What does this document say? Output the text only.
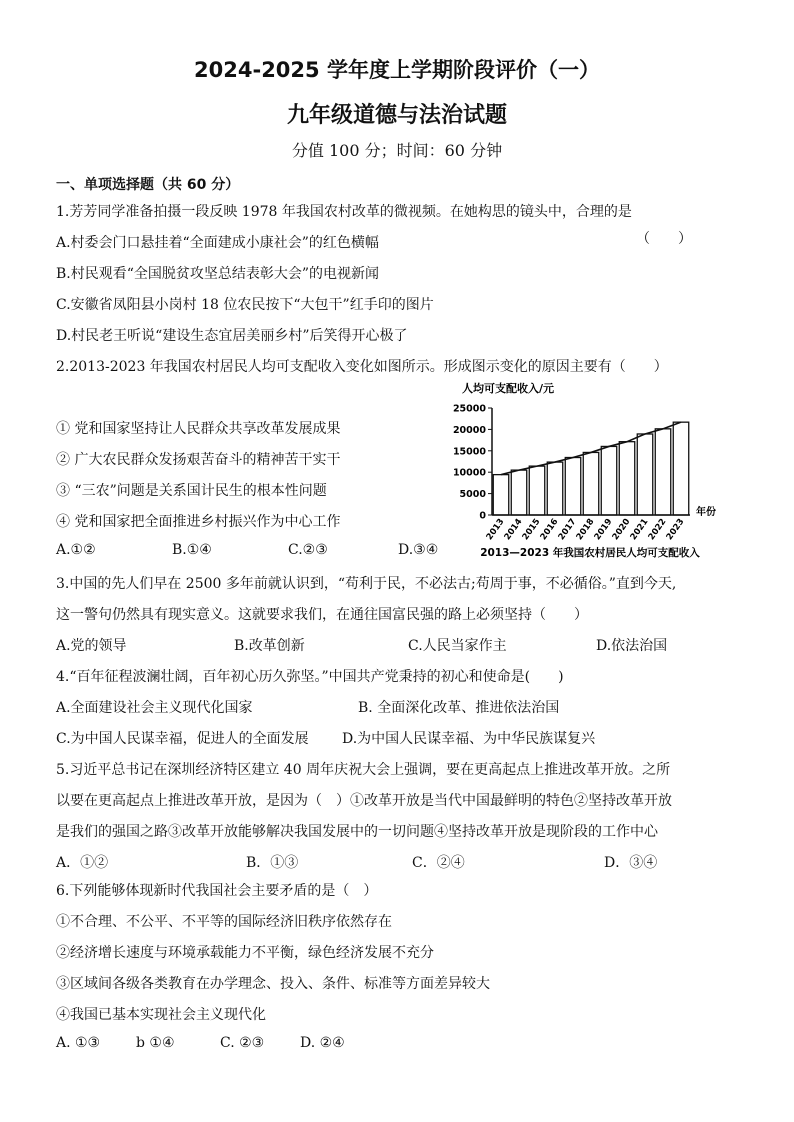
2024-2025 学年度上学期阶段评价（一）
九年级道德与法治试题
分值 100 分；时间：60 分钟
一、单项选择题（共 60 分）
1.芳芳同学准备拍摄一段反映 1978 年我国农村改革的微视频。在她构思的镜头中，合理的是
A.村委会门口悬挂着“全面建成小康社会”的红色横幅	（　　）
B.村民观看“全国脱贫攻坚总结表彰大会”的电视新闻
C.安徽省凤阳县小岗村 18 位农民按下“大包干”红手印的图片
D.村民老王听说“建设生态宜居美丽乡村”后笑得开心极了
2.2013-2023 年我国农村居民人均可支配收入变化如图所示。形成图示变化的原因主要有（　　）
① 党和国家坚持让人民群众共享改革发展成果
② 广大农民群众发扬艰苦奋斗的精神苦干实干
③ “三农”问题是关系国计民生的根本性问题
④ 党和国家把全面推进乡村振兴作为中心工作
A.①②	B.①④	C.②③	D.③④
人均可支配收入/元
0
5000
10000
15000
20000
25000
2013
2014
2015
2016
2017
2018
2019
2020
2021
2022
2023
年份
2013—2023 年我国农村居民人均可支配收入
3.中国的先人们早在 2500 多年前就认识到，“苟利于民，不必法古;苟周于事，不必循俗。”直到今天,
这一警句仍然具有现实意义。这就要求我们，在通往国富民强的路上必须坚持（　　）
A.党的领导	B.改革创新	C.人民当家作主	D.依法治国
4.“百年征程波澜壮阔，百年初心历久弥坚。”中国共产党秉持的初心和使命是(　　)
A.全面建设社会主义现代化国家	B. 全面深化改革、推进依法治国
C.为中国人民谋幸福，促进人的全面发展 D.为中国人民谋幸福、为中华民族谋复兴
5.习近平总书记在深圳经济特区建立 40 周年庆祝大会上强调，要在更高起点上推进改革开放。之所
以要在更高起点上推进改革开放，是因为（　）①改革开放是当代中国最鲜明的特色②坚持改革开放
是我们的强国之路③改革开放能够解决我国发展中的一切问题④坚持改革开放是现阶段的工作中心
A．①②	B．①③	C．②④	D．③④
6.下列能够体现新时代我国社会主要矛盾的是（　）
①不合理、不公平、不平等的国际经济旧秩序依然存在
②经济增长速度与环境承载能力不平衡，绿色经济发展不充分
③区域间各级各类教育在办学理念、投入、条件、标准等方面差异较大
④我国已基本实现社会主义现代化
A. ①③	b ①④	C. ②③	D. ②④
